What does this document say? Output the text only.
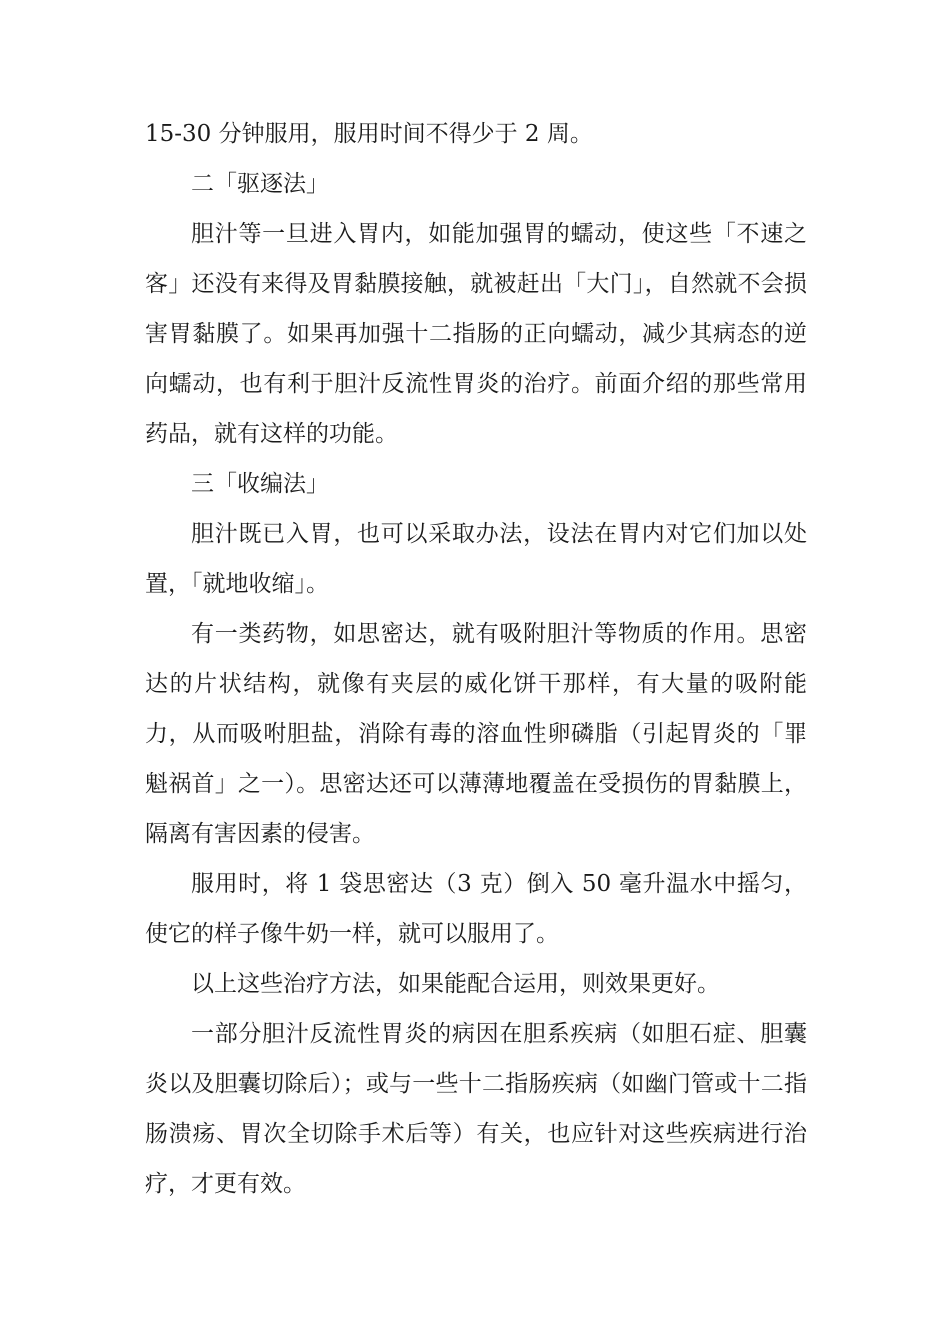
15-30 分钟服用，服用时间不得少于 2 周。

二「驱逐法」

胆汁等一旦进入胃内，如能加强胃的蠕动，使这些「不速之客」还没有来得及胃黏膜接触，就被赶出「大门」，自然就不会损害胃黏膜了。如果再加强十二指肠的正向蠕动，减少其病态的逆向蠕动，也有利于胆汁反流性胃炎的治疗。前面介绍的那些常用药品，就有这样的功能。

三「收编法」

胆汁既已入胃，也可以采取办法，设法在胃内对它们加以处置，「就地收缩」。

有一类药物，如思密达，就有吸附胆汁等物质的作用。思密达的片状结构，就像有夹层的威化饼干那样，有大量的吸附能力，从而吸咐胆盐，消除有毒的溶血性卵磷脂（引起胃炎的「罪魁祸首」之一）。思密达还可以薄薄地覆盖在受损伤的胃黏膜上，隔离有害因素的侵害。

服用时，将 1 袋思密达（3 克）倒入 50 毫升温水中摇匀，使它的样子像牛奶一样，就可以服用了。

以上这些治疗方法，如果能配合运用，则效果更好。

一部分胆汁反流性胃炎的病因在胆系疾病（如胆石症、胆囊炎以及胆囊切除后）；或与一些十二指肠疾病（如幽门管或十二指肠溃疡、胃次全切除手术后等）有关，也应针对这些疾病进行治疗，才更有效。
